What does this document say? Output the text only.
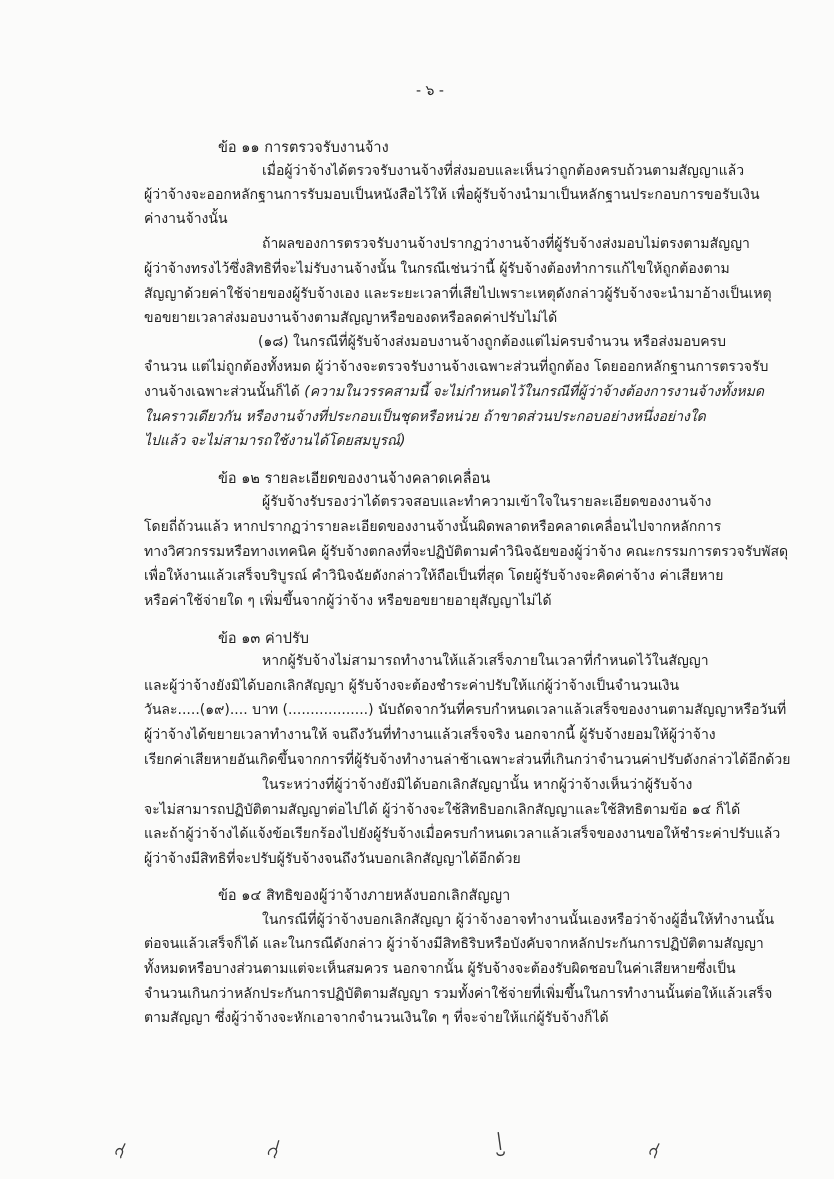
- ๖ -
ข้อ ๑๑ การตรวจรับงานจ้าง
เมื่อผู้ว่าจ้างได้ตรวจรับงานจ้างที่ส่งมอบและเห็นว่าถูกต้องครบถ้วนตามสัญญาแล้ว
ผู้ว่าจ้างจะออกหลักฐานการรับมอบเป็นหนังสือไว้ให้ เพื่อผู้รับจ้างนำมาเป็นหลักฐานประกอบการขอรับเงิน
ค่างานจ้างนั้น
ถ้าผลของการตรวจรับงานจ้างปรากฏว่างานจ้างที่ผู้รับจ้างส่งมอบไม่ตรงตามสัญญา
ผู้ว่าจ้างทรงไว้ซึ่งสิทธิที่จะไม่รับงานจ้างนั้น ในกรณีเช่นว่านี้ ผู้รับจ้างต้องทำการแก้ไขให้ถูกต้องตาม
สัญญาด้วยค่าใช้จ่ายของผู้รับจ้างเอง และระยะเวลาที่เสียไปเพราะเหตุดังกล่าวผู้รับจ้างจะนำมาอ้างเป็นเหตุ
ขอขยายเวลาส่งมอบงานจ้างตามสัญญาหรือของดหรือลดค่าปรับไม่ได้
(๑๘) ในกรณีที่ผู้รับจ้างส่งมอบงานจ้างถูกต้องแต่ไม่ครบจำนวน หรือส่งมอบครบ
จำนวน แต่ไม่ถูกต้องทั้งหมด ผู้ว่าจ้างจะตรวจรับงานจ้างเฉพาะส่วนที่ถูกต้อง โดยออกหลักฐานการตรวจรับ
งานจ้างเฉพาะส่วนนั้นก็ได้ (ความในวรรคสามนี้ จะไม่กำหนดไว้ในกรณีที่ผู้ว่าจ้างต้องการงานจ้างทั้งหมด
ในคราวเดียวกัน หรืองานจ้างที่ประกอบเป็นชุดหรือหน่วย ถ้าขาดส่วนประกอบอย่างหนึ่งอย่างใด
ไปแล้ว จะไม่สามารถใช้งานได้โดยสมบูรณ์)
ข้อ ๑๒ รายละเอียดของงานจ้างคลาดเคลื่อน
ผู้รับจ้างรับรองว่าได้ตรวจสอบและทำความเข้าใจในรายละเอียดของงานจ้าง
โดยถี่ถ้วนแล้ว หากปรากฏว่ารายละเอียดของงานจ้างนั้นผิดพลาดหรือคลาดเคลื่อนไปจากหลักการ
ทางวิศวกรรมหรือทางเทคนิค ผู้รับจ้างตกลงที่จะปฏิบัติตามคำวินิจฉัยของผู้ว่าจ้าง คณะกรรมการตรวจรับพัสดุ
เพื่อให้งานแล้วเสร็จบริบูรณ์ คำวินิจฉัยดังกล่าวให้ถือเป็นที่สุด โดยผู้รับจ้างจะคิดค่าจ้าง ค่าเสียหาย
หรือค่าใช้จ่ายใด ๆ เพิ่มขึ้นจากผู้ว่าจ้าง หรือขอขยายอายุสัญญาไม่ได้
ข้อ ๑๓ ค่าปรับ
หากผู้รับจ้างไม่สามารถทำงานให้แล้วเสร็จภายในเวลาที่กำหนดไว้ในสัญญา
และผู้ว่าจ้างยังมิได้บอกเลิกสัญญา ผู้รับจ้างจะต้องชำระค่าปรับให้แก่ผู้ว่าจ้างเป็นจำนวนเงิน
วันละ.....(๑๙).... บาท (..................) นับถัดจากวันที่ครบกำหนดเวลาแล้วเสร็จของงานตามสัญญาหรือวันที่
ผู้ว่าจ้างได้ขยายเวลาทำงานให้ จนถึงวันที่ทำงานแล้วเสร็จจริง นอกจากนี้ ผู้รับจ้างยอมให้ผู้ว่าจ้าง
เรียกค่าเสียหายอันเกิดขึ้นจากการที่ผู้รับจ้างทำงานล่าช้าเฉพาะส่วนที่เกินกว่าจำนวนค่าปรับดังกล่าวได้อีกด้วย
ในระหว่างที่ผู้ว่าจ้างยังมิได้บอกเลิกสัญญานั้น หากผู้ว่าจ้างเห็นว่าผู้รับจ้าง
จะไม่สามารถปฏิบัติตามสัญญาต่อไปได้ ผู้ว่าจ้างจะใช้สิทธิบอกเลิกสัญญาและใช้สิทธิตามข้อ ๑๔ ก็ได้
และถ้าผู้ว่าจ้างได้แจ้งข้อเรียกร้องไปยังผู้รับจ้างเมื่อครบกำหนดเวลาแล้วเสร็จของงานขอให้ชำระค่าปรับแล้ว
ผู้ว่าจ้างมีสิทธิที่จะปรับผู้รับจ้างจนถึงวันบอกเลิกสัญญาได้อีกด้วย
ข้อ ๑๔ สิทธิของผู้ว่าจ้างภายหลังบอกเลิกสัญญา
ในกรณีที่ผู้ว่าจ้างบอกเลิกสัญญา ผู้ว่าจ้างอาจทำงานนั้นเองหรือว่าจ้างผู้อื่นให้ทำงานนั้น
ต่อจนแล้วเสร็จก็ได้ และในกรณีดังกล่าว ผู้ว่าจ้างมีสิทธิริบหรือบังคับจากหลักประกันการปฏิบัติตามสัญญา
ทั้งหมดหรือบางส่วนตามแต่จะเห็นสมควร นอกจากนั้น ผู้รับจ้างจะต้องรับผิดชอบในค่าเสียหายซึ่งเป็น
จำนวนเกินกว่าหลักประกันการปฏิบัติตามสัญญา รวมทั้งค่าใช้จ่ายที่เพิ่มขึ้นในการทำงานนั้นต่อให้แล้วเสร็จ
ตามสัญญา ซึ่งผู้ว่าจ้างจะหักเอาจากจำนวนเงินใด ๆ ที่จะจ่ายให้แก่ผู้รับจ้างก็ได้
